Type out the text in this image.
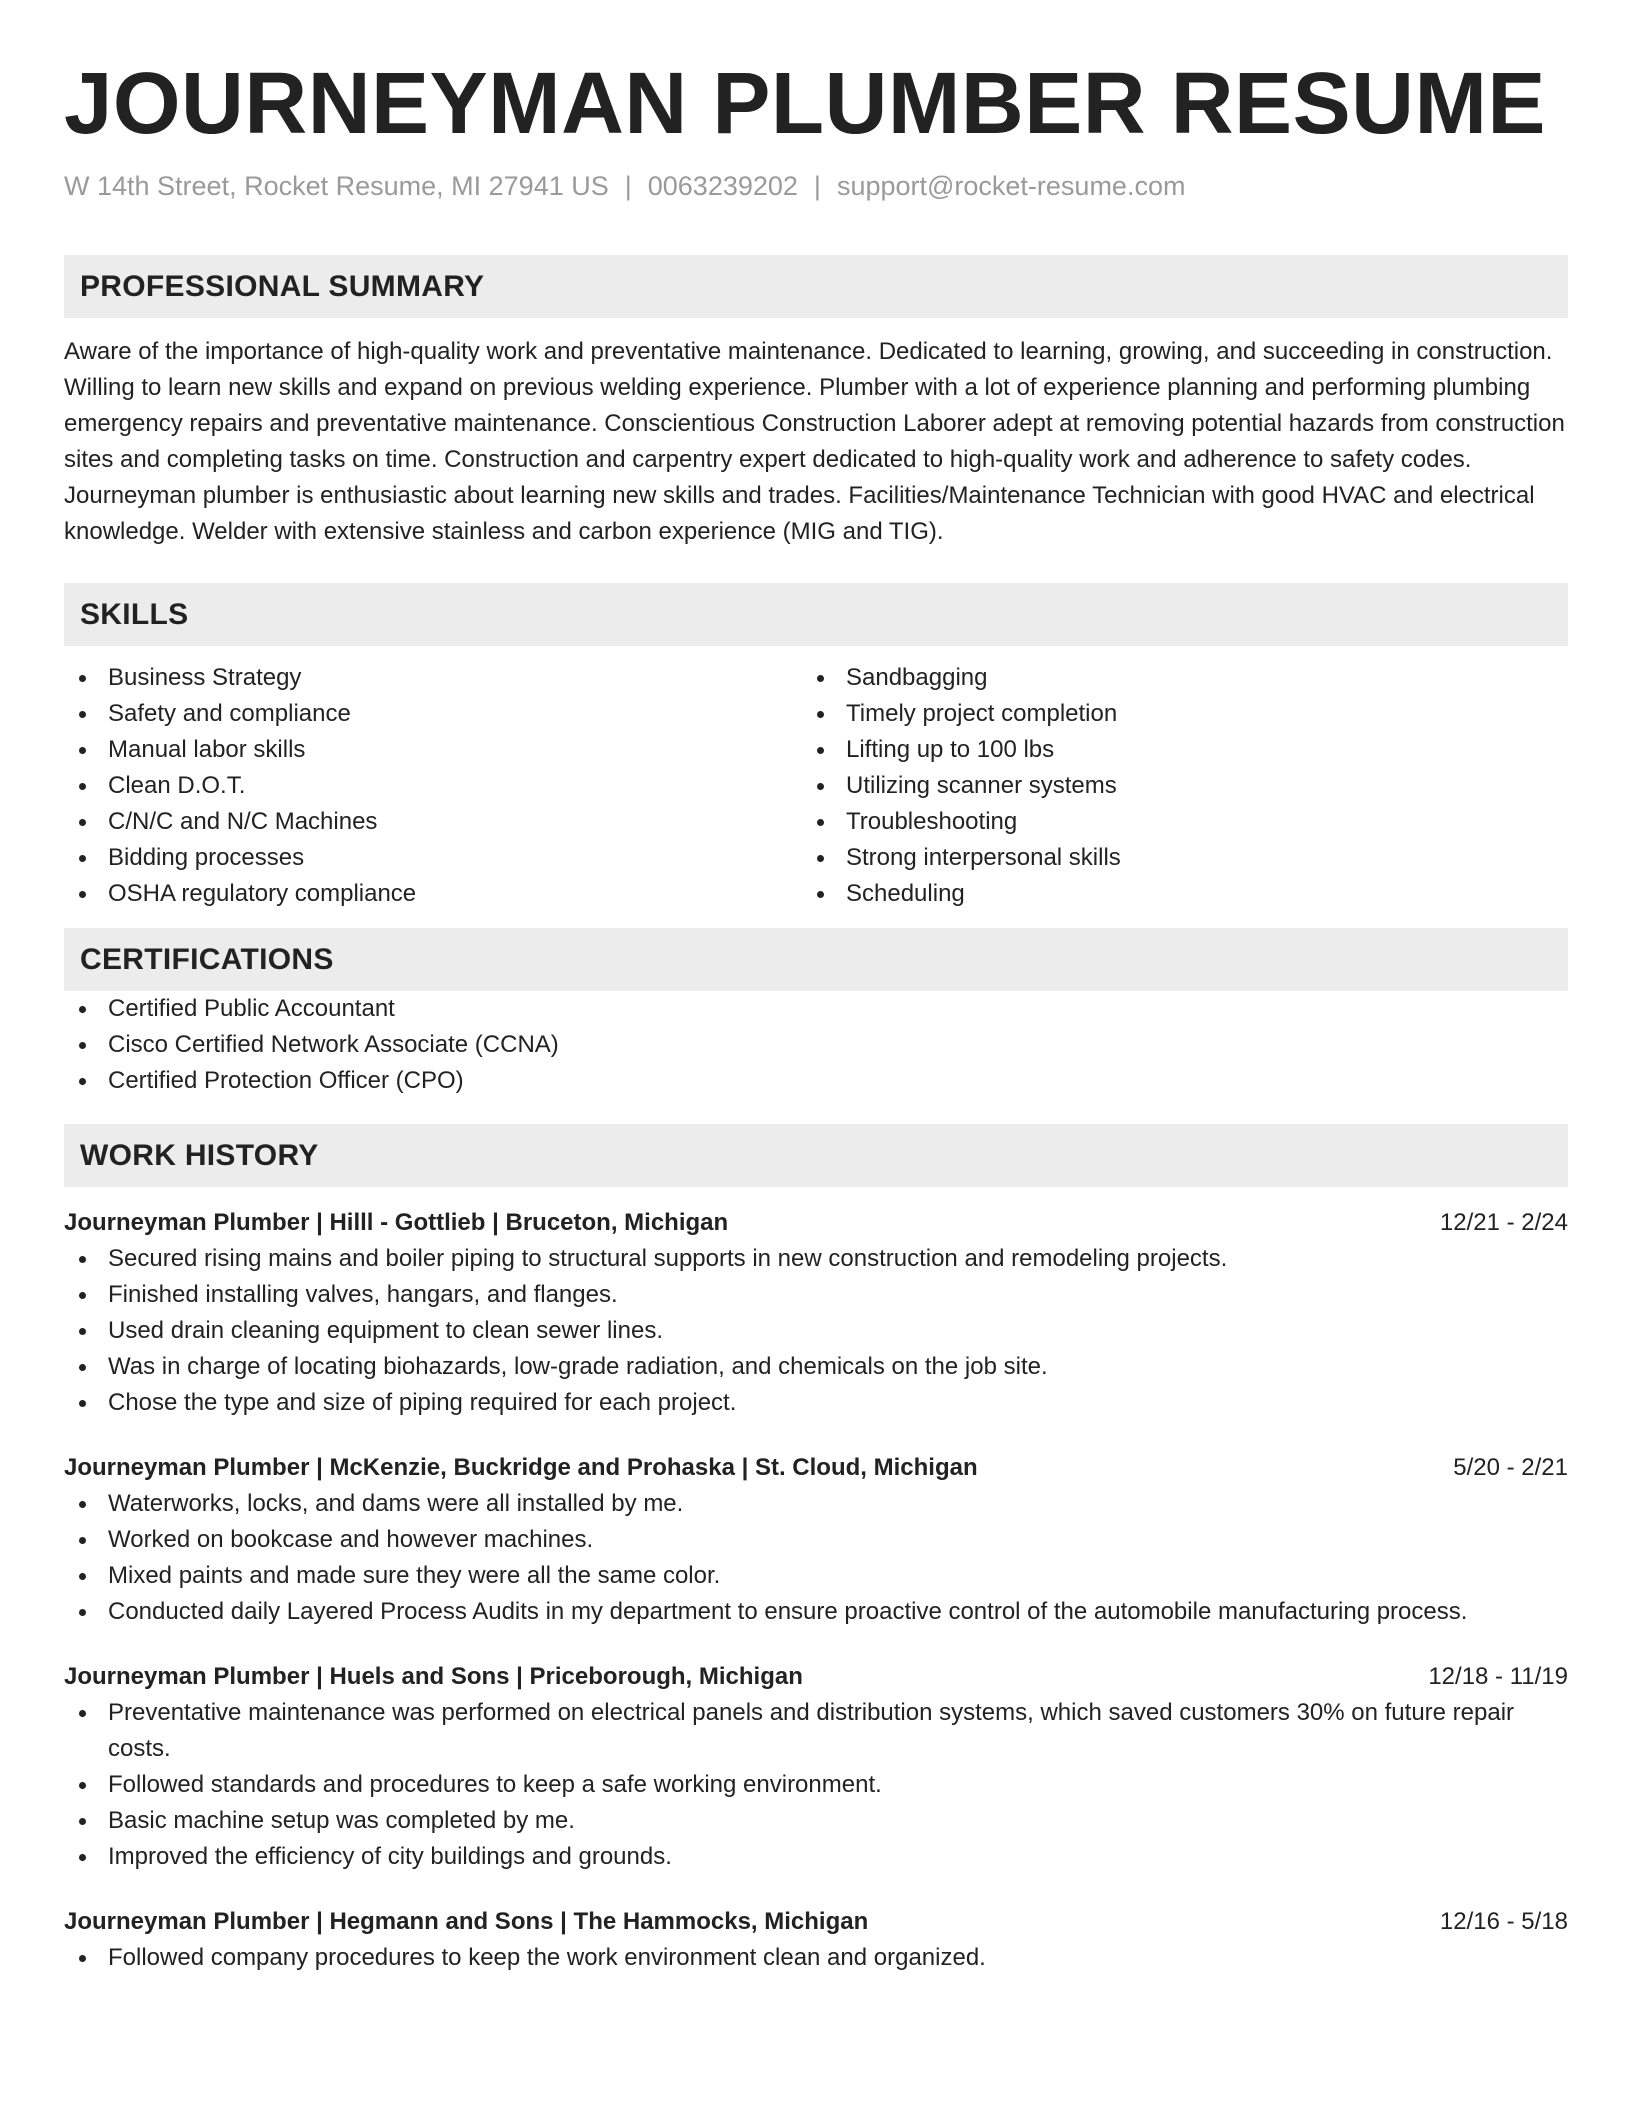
JOURNEYMAN PLUMBER RESUME
W 14th Street, Rocket Resume, MI 27941 US | 0063239202 | support@rocket-resume.com
PROFESSIONAL SUMMARY

Aware of the importance of high-quality work and preventative maintenance. Dedicated to learning, growing, and succeeding in construction. Willing to learn new skills and expand on previous welding experience. Plumber with a lot of experience planning and performing plumbing emergency repairs and preventative maintenance. Conscientious Construction Laborer adept at removing potential hazards from construction sites and completing tasks on time. Construction and carpentry expert dedicated to high-quality work and adherence to safety codes. Journeyman plumber is enthusiastic about learning new skills and trades. Facilities/Maintenance Technician with good HVAC and electrical knowledge. Welder with extensive stainless and carbon experience (MIG and TIG).

SKILLS
Business Strategy
Safety and compliance
Manual labor skills
Clean D.O.T.
C/N/C and N/C Machines
Bidding processes
OSHA regulatory compliance
Sandbagging
Timely project completion
Lifting up to 100 lbs
Utilizing scanner systems
Troubleshooting
Strong interpersonal skills
Scheduling
CERTIFICATIONS
Certified Public Accountant
Cisco Certified Network Associate (CCNA)
Certified Protection Officer (CPO)
WORK HISTORY
Journeyman Plumber | Hilll - Gottlieb | Bruceton, Michigan	12/21 - 2/24
Secured rising mains and boiler piping to structural supports in new construction and remodeling projects.
Finished installing valves, hangars, and flanges.
Used drain cleaning equipment to clean sewer lines.
Was in charge of locating biohazards, low-grade radiation, and chemicals on the job site.
Chose the type and size of piping required for each project.
Journeyman Plumber | McKenzie, Buckridge and Prohaska | St. Cloud, Michigan	5/20 - 2/21
Waterworks, locks, and dams were all installed by me.
Worked on bookcase and however machines.
Mixed paints and made sure they were all the same color.
Conducted daily Layered Process Audits in my department to ensure proactive control of the automobile manufacturing process.
Journeyman Plumber | Huels and Sons | Priceborough, Michigan	12/18 - 11/19
Preventative maintenance was performed on electrical panels and distribution systems, which saved customers 30% on future repair costs.
Followed standards and procedures to keep a safe working environment.
Basic machine setup was completed by me.
Improved the efficiency of city buildings and grounds.
Journeyman Plumber | Hegmann and Sons | The Hammocks, Michigan	12/16 - 5/18
Followed company procedures to keep the work environment clean and organized.
